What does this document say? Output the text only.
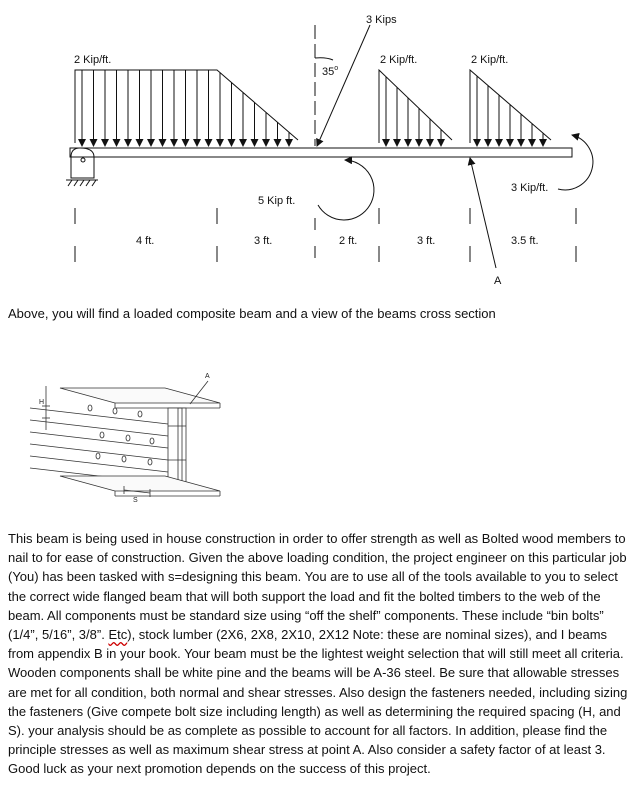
3 Kips
2 Kip/ft.	2 Kip/ft.	2 Kip/ft.
35$^o$
5 Kip ft.
3 Kip/ft.
4 ft.	3 ft.	2 ft.	3 ft.	3.5 ft.
A

Above, you will find a loaded composite beam and a view of the beams cross section

A
H
S

This beam is being used in house construction in order to offer strength as well as Bolted wood members to nail to for ease of construction. Given the above loading condition, the project engineer on this particular job (You) has been tasked with s=designing this beam. You are to use all of the tools available to you to select the correct wide flanged beam that will both support the load and fit the bolted timbers to the web of the beam. All components must be standard size using “off the shelf” components. These include “bin bolts” (1/4”, 5/16”, 3/8”. Etc), stock lumber (2X6, 2X8, 2X10, 2X12 Note: these are nominal sizes), and I beams from appendix B in your book. Your beam must be the lightest weight selection that will still meet all criteria. Wooden components shall be white pine and the beams will be A-36 steel. Be sure that allowable stresses are met for all condition, both normal and shear stresses. Also design the fasteners needed, including sizing the fasteners (Give compete bolt size including length) as well as determining the required spacing (H, and S). your analysis should be as complete as possible to account for all factors. In addition, please find the principle stresses as well as maximum shear stress at point A. Also consider a safety factor of at least 3. Good luck as your next promotion depends on the success of this project.
